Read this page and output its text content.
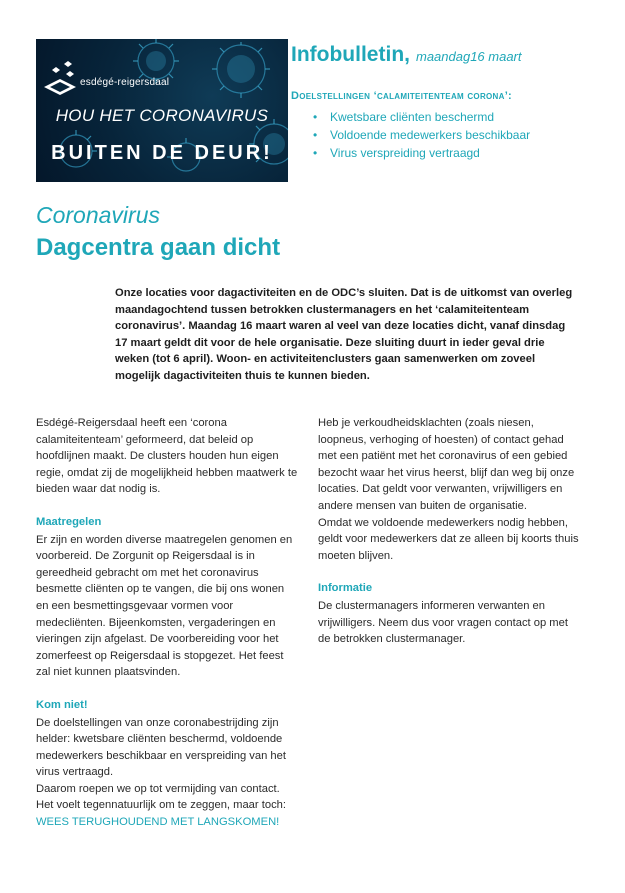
esdégé-reigersdaal
HOU HET CORONAVIRUS
BUITEN DE DEUR!
Infobulletin, maandag16 maart
Doelstellingen ‘calamiteitenteam corona’:
• Kwetsbare cliënten beschermd
• Voldoende medewerkers beschikbaar
• Virus verspreiding vertraagd
Coronavirus
Dagcentra gaan dicht
Onze locaties voor dagactiviteiten en de ODC’s sluiten. Dat is de uitkomst van overleg maandagochtend tussen betrokken clustermanagers en het ‘calamiteitenteam coronavirus’. Maandag 16 maart waren al veel van deze locaties dicht, vanaf dinsdag 17 maart geldt dit voor de hele organisatie. Deze sluiting duurt in ieder geval drie weken (tot 6 april). Woon- en activiteitenclusters gaan samenwerken om zoveel mogelijk dagactiviteiten thuis te kunnen bieden.

Esdégé-Reigersdaal heeft een ‘corona calamiteitenteam’ geformeerd, dat beleid op hoofdlijnen maakt. De clusters houden hun eigen regie, omdat zij de mogelijkheid hebben maatwerk te bieden waar dat nodig is.

Maatregelen

Er zijn en worden diverse maatregelen genomen en voorbereid. De Zorgunit op Reigersdaal is in gereedheid gebracht om met het coronavirus besmette cliënten op te vangen, die bij ons wonen en een besmettingsgevaar vormen voor medecliënten. Bijeenkomsten, vergaderingen en vieringen zijn afgelast. De voorbereiding voor het zomerfeest op Reigersdaal is stopgezet. Het feest zal niet kunnen plaatsvinden.

Kom niet!

De doelstellingen van onze coronabestrijding zijn helder: kwetsbare cliënten beschermd, voldoende medewerkers beschikbaar en verspreiding van het virus vertraagd.

Daarom roepen we op tot vermijding van contact. Het voelt tegennatuurlijk om te zeggen, maar toch:

WEES TERUGHOUDEND MET LANGSKOMEN!

Heb je verkoudheidsklachten (zoals niesen, loopneus, verhoging of hoesten) of contact gehad met een patiënt met het coronavirus of een gebied bezocht waar het virus heerst, blijf dan weg bij onze locaties. Dat geldt voor verwanten, vrijwilligers en andere mensen van buiten de organisatie.

Omdat we voldoende medewerkers nodig hebben, geldt voor medewerkers dat ze alleen bij koorts thuis moeten blijven.

Informatie

De clustermanagers informeren verwanten en vrijwilligers. Neem dus voor vragen contact op met de betrokken clustermanager.
